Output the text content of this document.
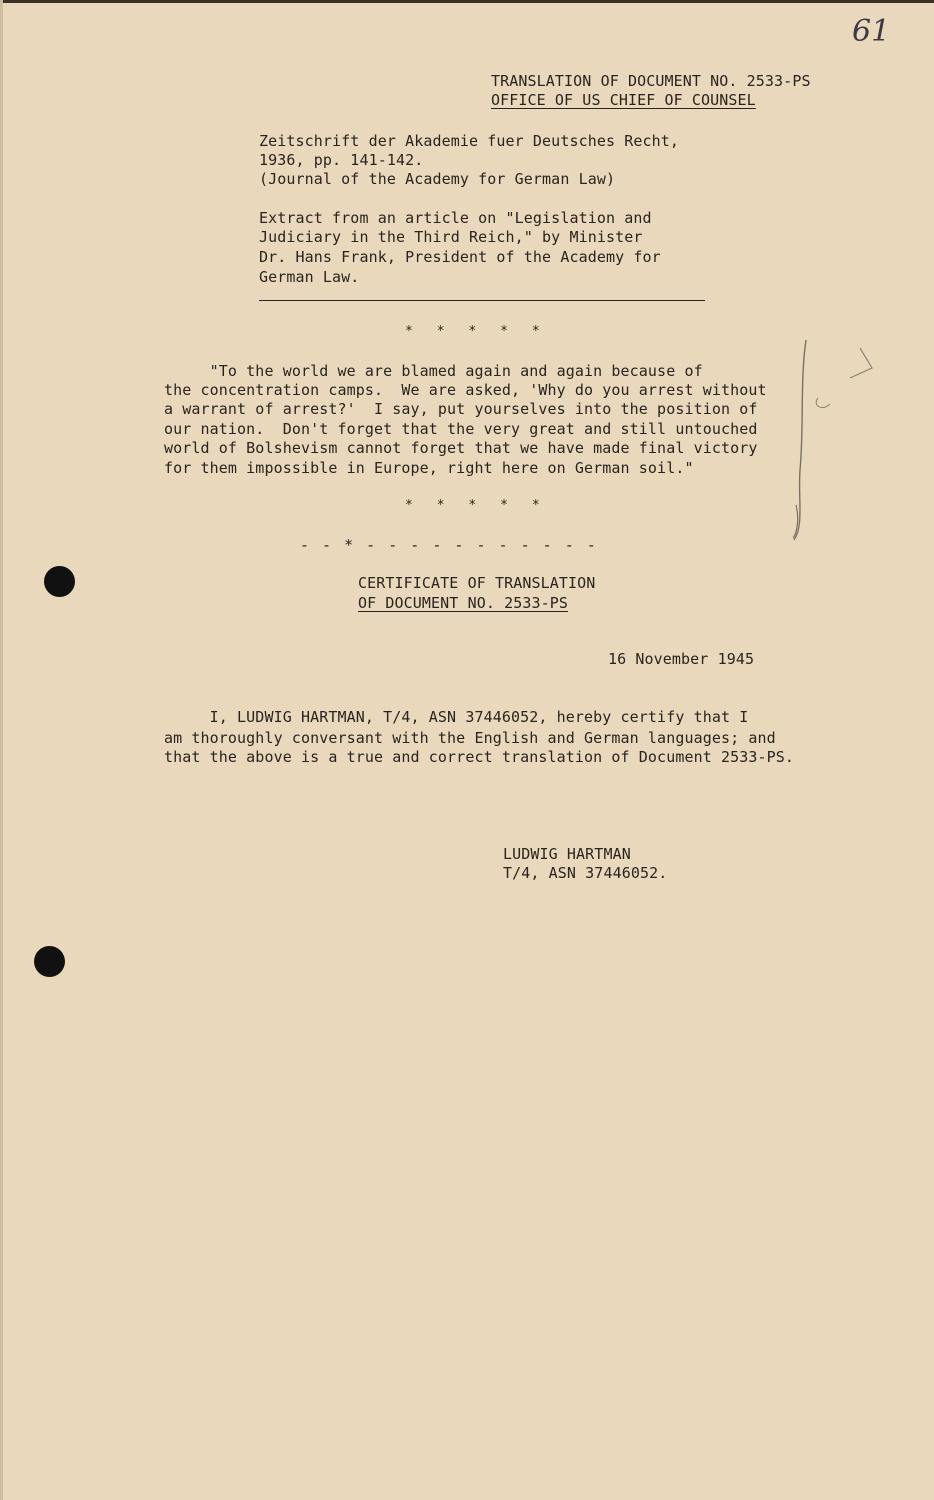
61
TRANSLATION OF DOCUMENT NO. 2533-PS
OFFICE OF US CHIEF OF COUNSEL
Zeitschrift der Akademie fuer Deutsches Recht,
1936, pp. 141-142.
(Journal of the Academy for German Law)
Extract from an article on "Legislation and
Judiciary in the Third Reich," by Minister
Dr. Hans Frank, President of the Academy for
German Law.
*   *   *   *   *
"To the world we are blamed again and again because of
the concentration camps.  We are asked, 'Why do you arrest without
a warrant of arrest?'  I say, put yourselves into the position of
our nation.  Don't forget that the very great and still untouched
world of Bolshevism cannot forget that we have made final victory
for them impossible in Europe, right here on German soil."
*   *   *   *   *
- - * - - - - - - - - - - -
CERTIFICATE OF TRANSLATION
OF DOCUMENT NO. 2533-PS
16 November 1945
I, LUDWIG HARTMAN, T/4, ASN 37446052, hereby certify that I
am thoroughly conversant with the English and German languages; and
that the above is a true and correct translation of Document 2533-PS.
LUDWIG HARTMAN
T/4, ASN 37446052.
